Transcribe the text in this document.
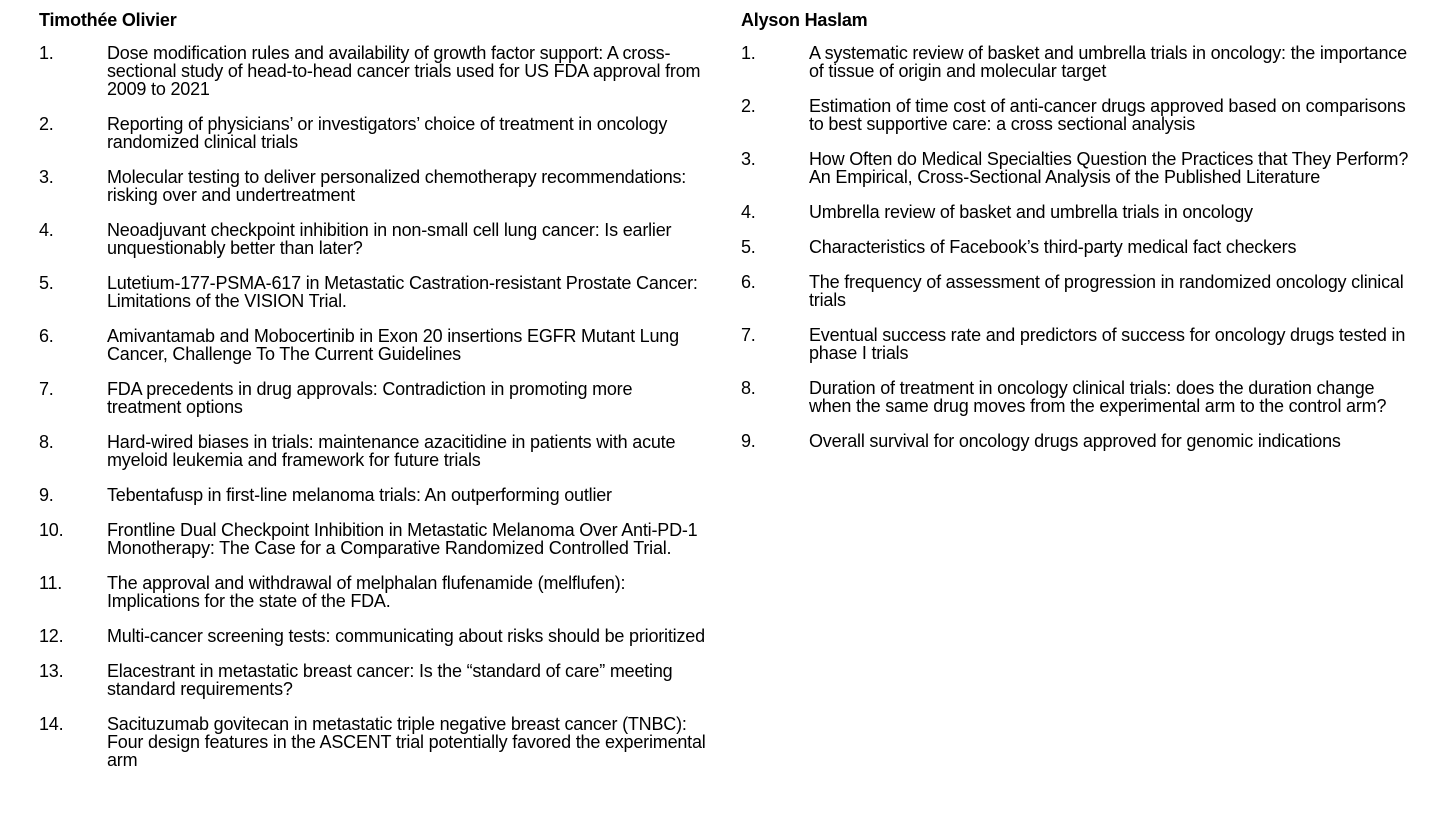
Timothée Olivier
1.	Dose modification rules and availability of growth factor support: A cross-sectional study of head-to-head cancer trials used for US FDA approval from 2009 to 2021
2.	Reporting of physicians’ or investigators’ choice of treatment in oncology randomized clinical trials
3.	Molecular testing to deliver personalized chemotherapy recommendations: risking over and undertreatment
4.	Neoadjuvant checkpoint inhibition in non-small cell lung cancer: Is earlier unquestionably better than later?
5.	Lutetium-177-PSMA-617 in Metastatic Castration-resistant Prostate Cancer: Limitations of the VISION Trial.
6.	Amivantamab and Mobocertinib in Exon 20 insertions EGFR Mutant Lung Cancer, Challenge To The Current Guidelines
7.	FDA precedents in drug approvals: Contradiction in promoting more treatment options
8.	Hard-wired biases in trials: maintenance azacitidine in patients with acute myeloid leukemia and framework for future trials
9.	Tebentafusp in first-line melanoma trials: An outperforming outlier
10.	Frontline Dual Checkpoint Inhibition in Metastatic Melanoma Over Anti-PD-1 Monotherapy: The Case for a Comparative Randomized Controlled Trial.
11.	The approval and withdrawal of melphalan flufenamide (melflufen): Implications for the state of the FDA.
12.	Multi-cancer screening tests: communicating about risks should be prioritized
13.	Elacestrant in metastatic breast cancer: Is the “standard of care” meeting standard requirements?
14.	Sacituzumab govitecan in metastatic triple negative breast cancer (TNBC): Four design features in the ASCENT trial potentially favored the experimental arm
Alyson Haslam
1.	A systematic review of basket and umbrella trials in oncology: the importance of tissue of origin and molecular target
2.	Estimation of time cost of anti-cancer drugs approved based on comparisons to best supportive care: a cross sectional analysis
3.	How Often do Medical Specialties Question the Practices that They Perform? An Empirical, Cross-Sectional Analysis of the Published Literature
4.	Umbrella review of basket and umbrella trials in oncology
5.	Characteristics of Facebook’s third-party medical fact checkers
6.	The frequency of assessment of progression in randomized oncology clinical trials
7.	Eventual success rate and predictors of success for oncology drugs tested in phase I trials
8.	Duration of treatment in oncology clinical trials: does the duration change when the same drug moves from the experimental arm to the control arm?
9.	Overall survival for oncology drugs approved for genomic indications
